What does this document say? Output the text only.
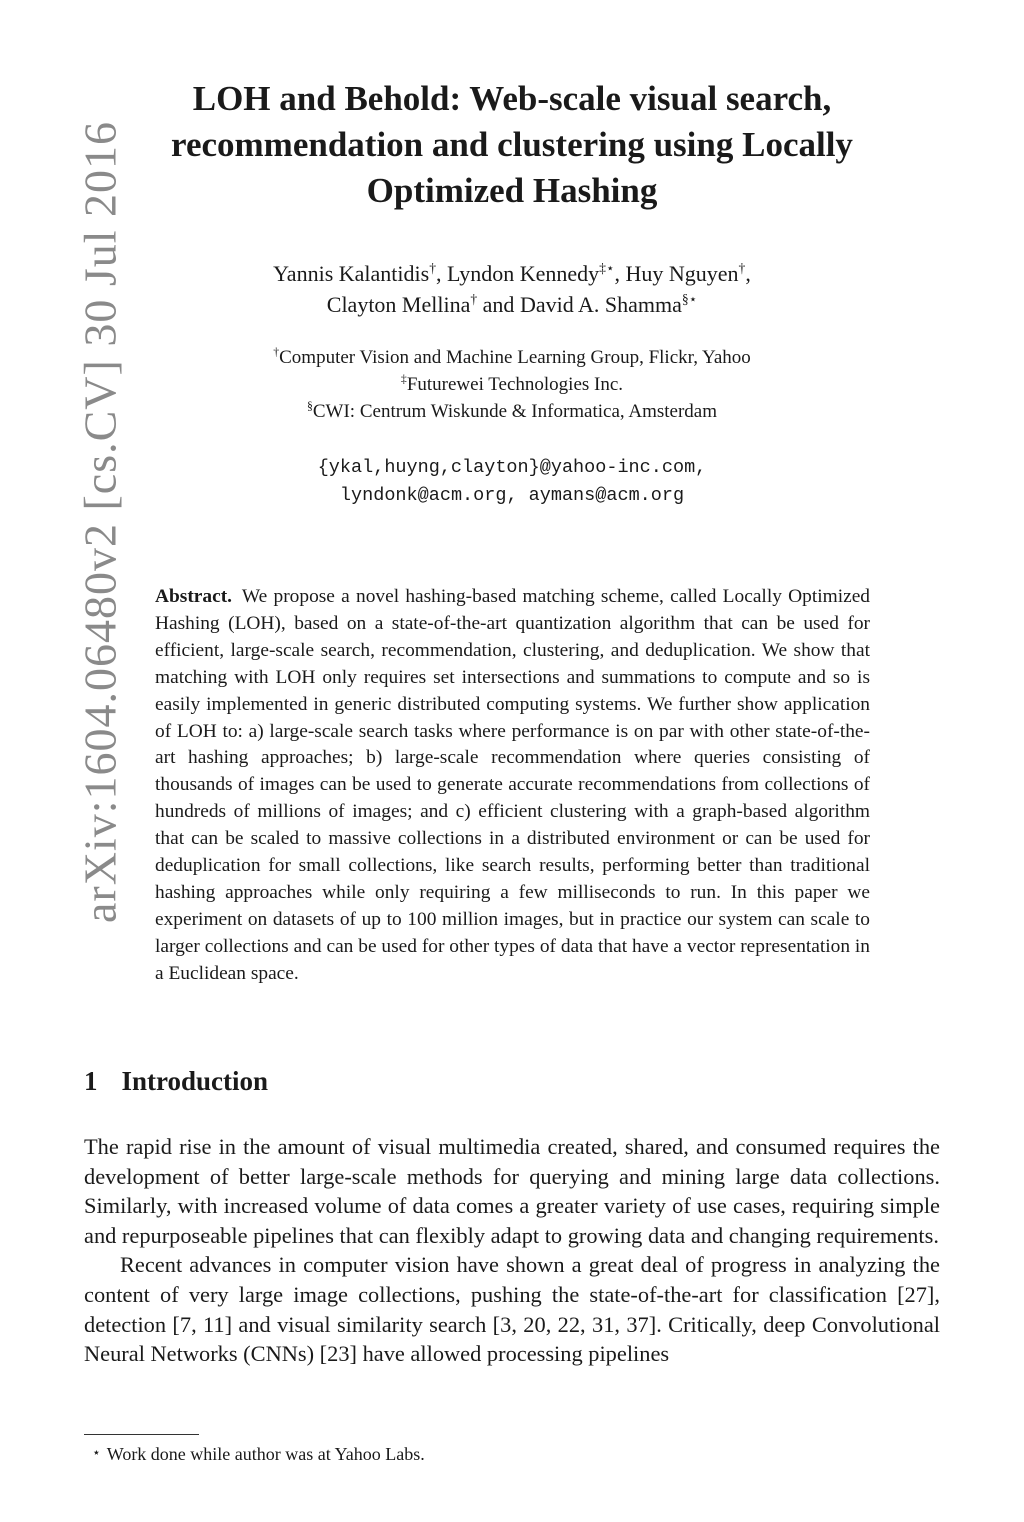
arXiv:1604.06480v2 [cs.CV] 30 Jul 2016
LOH and Behold: Web-scale visual search,
recommendation and clustering using Locally
Optimized Hashing
Yannis Kalantidis†, Lyndon Kennedy‡⋆, Huy Nguyen†,
Clayton Mellina† and David A. Shamma§⋆
†Computer Vision and Machine Learning Group, Flickr, Yahoo
‡Futurewei Technologies Inc.
§CWI: Centrum Wiskunde & Informatica, Amsterdam
{ykal,huyng,clayton}@yahoo-inc.com,
lyndonk@acm.org, aymans@acm.org

Abstract. We propose a novel hashing-based matching scheme, called Locally Optimized Hashing (LOH), based on a state-of-the-art quantization algorithm that can be used for efficient, large-scale search, recommendation, clustering, and deduplication. We show that matching with LOH only requires set intersections and summations to compute and so is easily implemented in generic distributed computing systems. We further show application of LOH to: a) large-scale search tasks where performance is on par with other state-of-the-art hashing approaches; b) large-scale recommendation where queries consisting of thousands of images can be used to generate accurate recommendations from collections of hundreds of millions of images; and c) efficient clustering with a graph-based algorithm that can be scaled to massive collections in a distributed environment or can be used for deduplication for small collections, like search results, performing better than traditional hashing approaches while only requiring a few milliseconds to run. In this paper we experiment on datasets of up to 100 million images, but in practice our system can scale to larger collections and can be used for other types of data that have a vector representation in a Euclidean space.

1 Introduction

The rapid rise in the amount of visual multimedia created, shared, and consumed requires the development of better large-scale methods for querying and mining large data collections. Similarly, with increased volume of data comes a greater variety of use cases, requiring simple and repurposeable pipelines that can flexibly adapt to growing data and changing requirements.

Recent advances in computer vision have shown a great deal of progress in analyzing the content of very large image collections, pushing the state-of-the-art for classification [27], detection [7, 11] and visual similarity search [3, 20, 22, 31, 37]. Critically, deep Convolutional Neural Networks (CNNs) [23] have allowed processing pipelines

⋆ Work done while author was at Yahoo Labs.
